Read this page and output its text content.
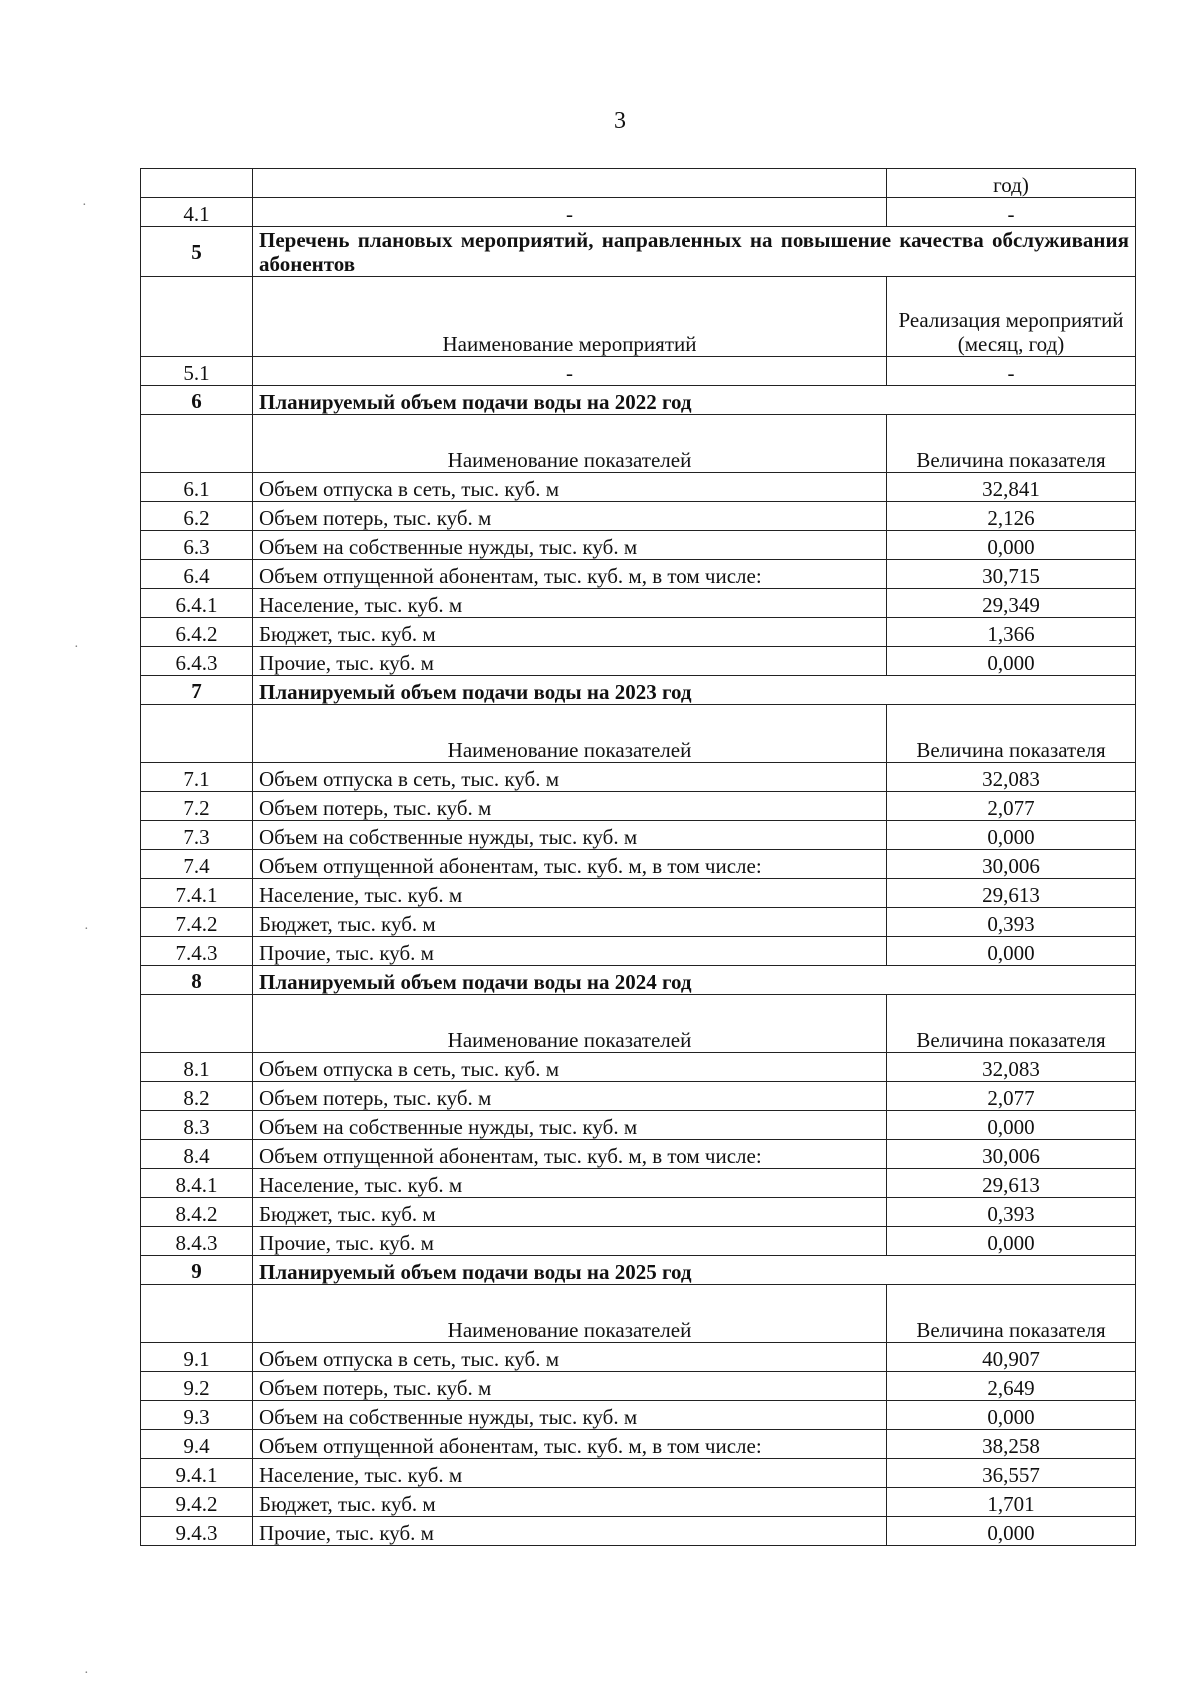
3
·
·
·
·
		год)
4.1	-	-
5	Перечень плановых мероприятий, направленных на повышение качества обслуживания абонентов	
	Наименование мероприятий	Реализация мероприятий (месяц, год)
5.1	-	-
6	Планируемый объем подачи воды на 2022 год	
	Наименование показателей	Величина показателя
6.1	Объем отпуска в сеть, тыс. куб. м	32,841
6.2	Объем потерь, тыс. куб. м	2,126
6.3	Объем на собственные нужды, тыс. куб. м	0,000
6.4	Объем отпущенной абонентам, тыс. куб. м, в том числе:	30,715
6.4.1	Население, тыс. куб. м	29,349
6.4.2	Бюджет, тыс. куб. м	1,366
6.4.3	Прочие, тыс. куб. м	0,000
7	Планируемый объем подачи воды на 2023 год	
	Наименование показателей	Величина показателя
7.1	Объем отпуска в сеть, тыс. куб. м	32,083
7.2	Объем потерь, тыс. куб. м	2,077
7.3	Объем на собственные нужды, тыс. куб. м	0,000
7.4	Объем отпущенной абонентам, тыс. куб. м, в том числе:	30,006
7.4.1	Население, тыс. куб. м	29,613
7.4.2	Бюджет, тыс. куб. м	0,393
7.4.3	Прочие, тыс. куб. м	0,000
8	Планируемый объем подачи воды на 2024 год	
	Наименование показателей	Величина показателя
8.1	Объем отпуска в сеть, тыс. куб. м	32,083
8.2	Объем потерь, тыс. куб. м	2,077
8.3	Объем на собственные нужды, тыс. куб. м	0,000
8.4	Объем отпущенной абонентам, тыс. куб. м, в том числе:	30,006
8.4.1	Население, тыс. куб. м	29,613
8.4.2	Бюджет, тыс. куб. м	0,393
8.4.3	Прочие, тыс. куб. м	0,000
9	Планируемый объем подачи воды на 2025 год	
	Наименование показателей	Величина показателя
9.1	Объем отпуска в сеть, тыс. куб. м	40,907
9.2	Объем потерь, тыс. куб. м	2,649
9.3	Объем на собственные нужды, тыс. куб. м	0,000
9.4	Объем отпущенной абонентам, тыс. куб. м, в том числе:	38,258
9.4.1	Население, тыс. куб. м	36,557
9.4.2	Бюджет, тыс. куб. м	1,701
9.4.3	Прочие, тыс. куб. м	0,000
